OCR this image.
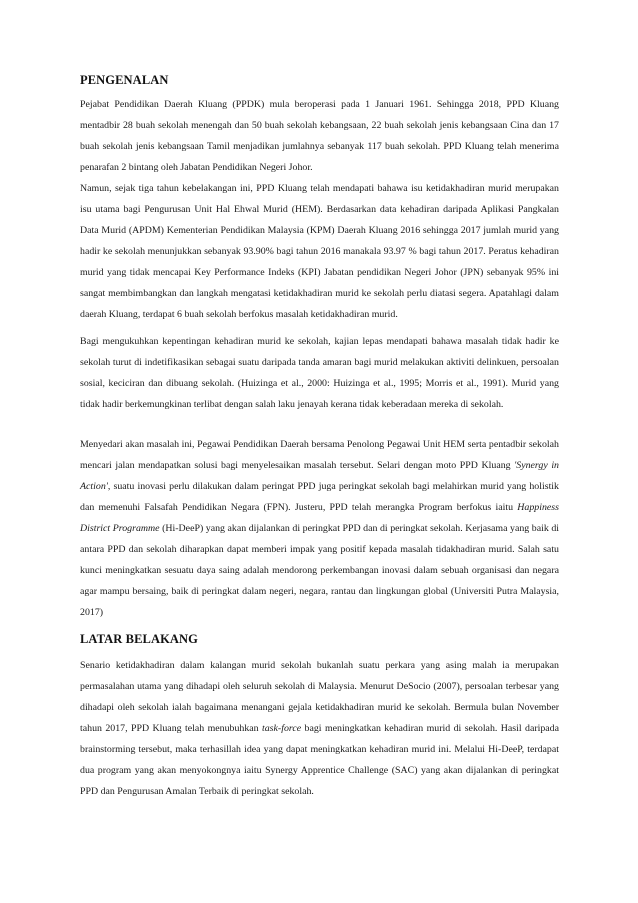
PENGENALAN

Pejabat Pendidikan Daerah Kluang (PPDK) mula beroperasi pada 1 Januari 1961. Sehingga 2018, PPD Kluang mentadbir 28 buah sekolah menengah dan 50 buah sekolah kebangsaan, 22 buah sekolah jenis kebangsaan Cina dan 17 buah sekolah jenis kebangsaan Tamil menjadikan jumlahnya sebanyak 117 buah sekolah. PPD Kluang telah menerima penarafan 2 bintang oleh Jabatan Pendidikan Negeri Johor.

Namun, sejak tiga tahun kebelakangan ini, PPD Kluang telah mendapati bahawa isu ketidakhadiran murid merupakan isu utama bagi Pengurusan Unit Hal Ehwal Murid (HEM). Berdasarkan data kehadiran daripada Aplikasi Pangkalan Data Murid (APDM) Kementerian Pendidikan Malaysia (KPM) Daerah Kluang 2016 sehingga 2017 jumlah murid yang hadir ke sekolah menunjukkan sebanyak 93.90% bagi tahun 2016 manakala 93.97 % bagi tahun 2017. Peratus kehadiran murid yang tidak mencapai Key Performance Indeks (KPI) Jabatan pendidikan Negeri Johor (JPN) sebanyak 95% ini sangat membimbangkan dan langkah mengatasi ketidakhadiran murid ke sekolah perlu diatasi segera. Apatahlagi dalam daerah Kluang, terdapat 6 buah sekolah berfokus masalah ketidakhadiran murid.

Bagi mengukuhkan kepentingan kehadiran murid ke sekolah, kajian lepas mendapati bahawa masalah tidak hadir ke sekolah turut di indetifikasikan sebagai suatu daripada tanda amaran bagi murid melakukan aktiviti delinkuen, persoalan sosial, keciciran dan dibuang sekolah. (Huizinga et al., 2000: Huizinga et al., 1995; Morris et al., 1991). Murid yang tidak hadir berkemungkinan terlibat dengan salah laku jenayah kerana tidak keberadaan mereka di sekolah.

Menyedari akan masalah ini, Pegawai Pendidikan Daerah bersama Penolong Pegawai Unit HEM serta pentadbir sekolah mencari jalan mendapatkan solusi bagi menyelesaikan masalah tersebut. Selari dengan moto PPD Kluang 'Synergy in Action', suatu inovasi perlu dilakukan dalam peringat PPD juga peringkat sekolah bagi melahirkan murid yang holistik dan memenuhi Falsafah Pendidikan Negara (FPN). Justeru, PPD telah merangka Program berfokus iaitu Happiness District Programme (Hi-DeeP) yang akan dijalankan di peringkat PPD dan di peringkat sekolah. Kerjasama yang baik di antara PPD dan sekolah diharapkan dapat memberi impak yang positif kepada masalah tidakhadiran murid. Salah satu kunci meningkatkan sesuatu daya saing adalah mendorong perkembangan inovasi dalam sebuah organisasi dan negara agar mampu bersaing, baik di peringkat dalam negeri, negara, rantau dan lingkungan global (Universiti Putra Malaysia, 2017)

LATAR BELAKANG

Senario ketidakhadiran dalam kalangan murid sekolah bukanlah suatu perkara yang asing malah ia merupakan permasalahan utama yang dihadapi oleh seluruh sekolah di Malaysia. Menurut DeSocio (2007), persoalan terbesar yang dihadapi oleh sekolah ialah bagaimana menangani gejala ketidakhadiran murid ke sekolah. Bermula bulan November tahun 2017, PPD Kluang telah menubuhkan task-force bagi meningkatkan kehadiran murid di sekolah. Hasil daripada brainstorming tersebut, maka terhasillah idea yang dapat meningkatkan kehadiran murid ini. Melalui Hi-DeeP, terdapat dua program yang akan menyokongnya iaitu Synergy Apprentice Challenge (SAC) yang akan dijalankan di peringkat PPD dan Pengurusan Amalan Terbaik di peringkat sekolah.
